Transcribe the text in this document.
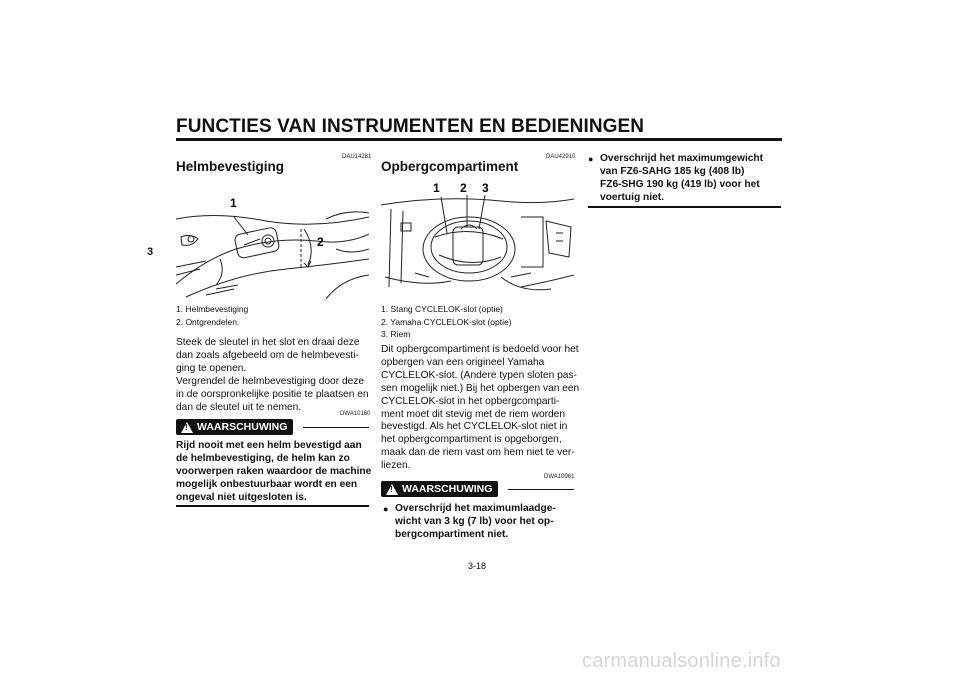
FUNCTIES VAN INSTRUMENTEN EN BEDIENINGEN
3
DAU14281
Helmbevestiging
1
2
1. Helmbevestiging
2. Ontgrendelen.
Steek de sleutel in het slot en draai deze
dan zoals afgebeeld om de helmbevesti-
ging te openen.
Vergrendel de helmbevestiging door deze
in de oorspronkelijke positie te plaatsen en
dan de sleutel uit te nemen.
DWA10160
! WAARSCHUWING
Rijd nooit met een helm bevestigd aan
de helmbevestiging, de helm kan zo
voorwerpen raken waardoor de machine
mogelijk onbestuurbaar wordt en een
ongeval niet uitgesloten is.
DAU42910
Opbergcompartiment
1 2 3
1. Stang CYCLELOK-slot (optie)
2. Yamaha CYCLELOK-slot (optie)
3. Riem
Dit opbergcompartiment is bedoeld voor het
opbergen van een origineel Yamaha
CYCLELOK-slot. (Andere typen sloten pas-
sen mogelijk niet.) Bij het opbergen van een
CYCLELOK-slot in het opbergcomparti-
ment moet dit stevig met de riem worden
bevestigd. Als het CYCLELOK-slot niet in
het opbergcompartiment is opgeborgen,
maak dan de riem vast om hem niet te ver-
liezen.
DWA10961
! WAARSCHUWING
● Overschrijd het maximumlaadge-
wicht van 3 kg (7 lb) voor het op-
bergcompartiment niet.
● Overschrijd het maximumgewicht
van FZ6-SAHG 185 kg (408 lb)
FZ6-SHG 190 kg (419 lb) voor het
voertuig niet.
3-18
carmanualsonline.info
